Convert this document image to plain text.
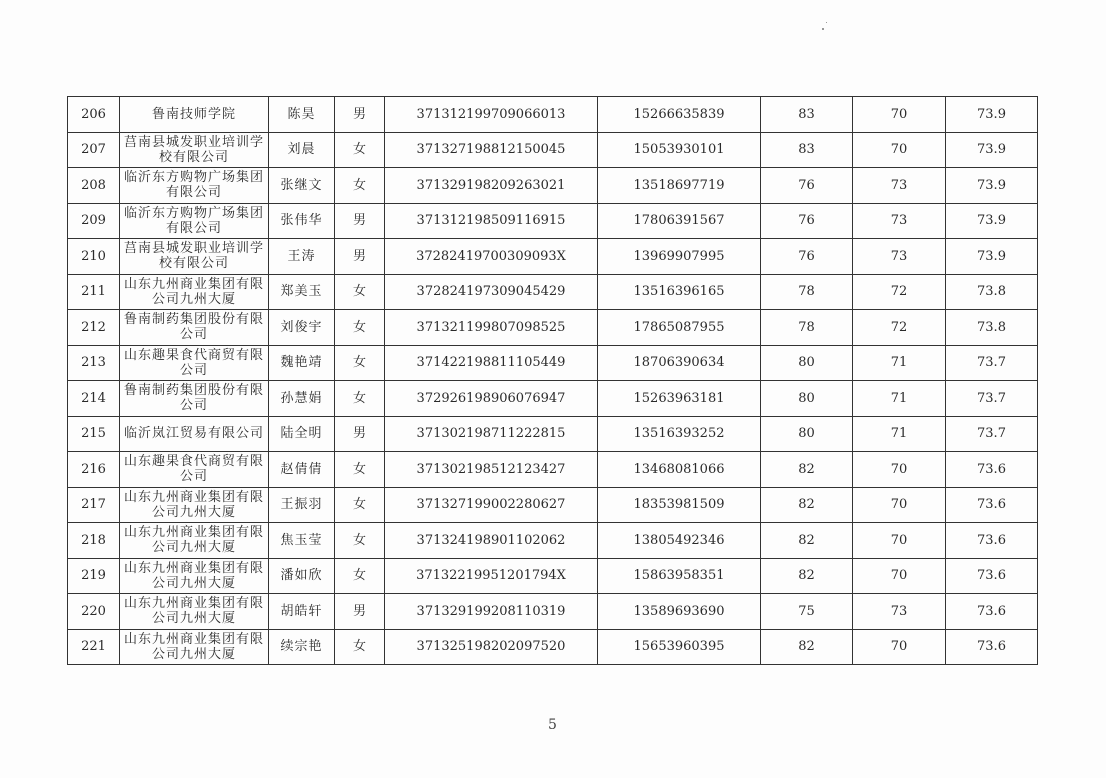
206	鲁南技师学院	陈昊	男	371312199709066013	15266635839	83	70	73.9
207	莒南县城发职业培训学校有限公司	刘晨	女	371327198812150045	15053930101	83	70	73.9
208	临沂东方购物广场集团有限公司	张继文	女	371329198209263021	13518697719	76	73	73.9
209	临沂东方购物广场集团有限公司	张伟华	男	371312198509116915	17806391567	76	73	73.9
210	莒南县城发职业培训学校有限公司	王涛	男	37282419700309093X	13969907995	76	73	73.9
211	山东九州商业集团有限公司九州大厦	郑美玉	女	372824197309045429	13516396165	78	72	73.8
212	鲁南制药集团股份有限公司	刘俊宇	女	371321199807098525	17865087955	78	72	73.8
213	山东趣果食代商贸有限公司	魏艳靖	女	371422198811105449	18706390634	80	71	73.7
214	鲁南制药集团股份有限公司	孙慧娟	女	372926198906076947	15263963181	80	71	73.7
215	临沂岚江贸易有限公司	陆全明	男	371302198711222815	13516393252	80	71	73.7
216	山东趣果食代商贸有限公司	赵倩倩	女	371302198512123427	13468081066	82	70	73.6
217	山东九州商业集团有限公司九州大厦	王振羽	女	371327199002280627	18353981509	82	70	73.6
218	山东九州商业集团有限公司九州大厦	焦玉莹	女	371324198901102062	13805492346	82	70	73.6
219	山东九州商业集团有限公司九州大厦	潘如欣	女	37132219951201794X	15863958351	82	70	73.6
220	山东九州商业集团有限公司九州大厦	胡皓轩	男	371329199208110319	13589693690	75	73	73.6
221	山东九州商业集团有限公司九州大厦	续宗艳	女	371325198202097520	15653960395	82	70	73.6
5
